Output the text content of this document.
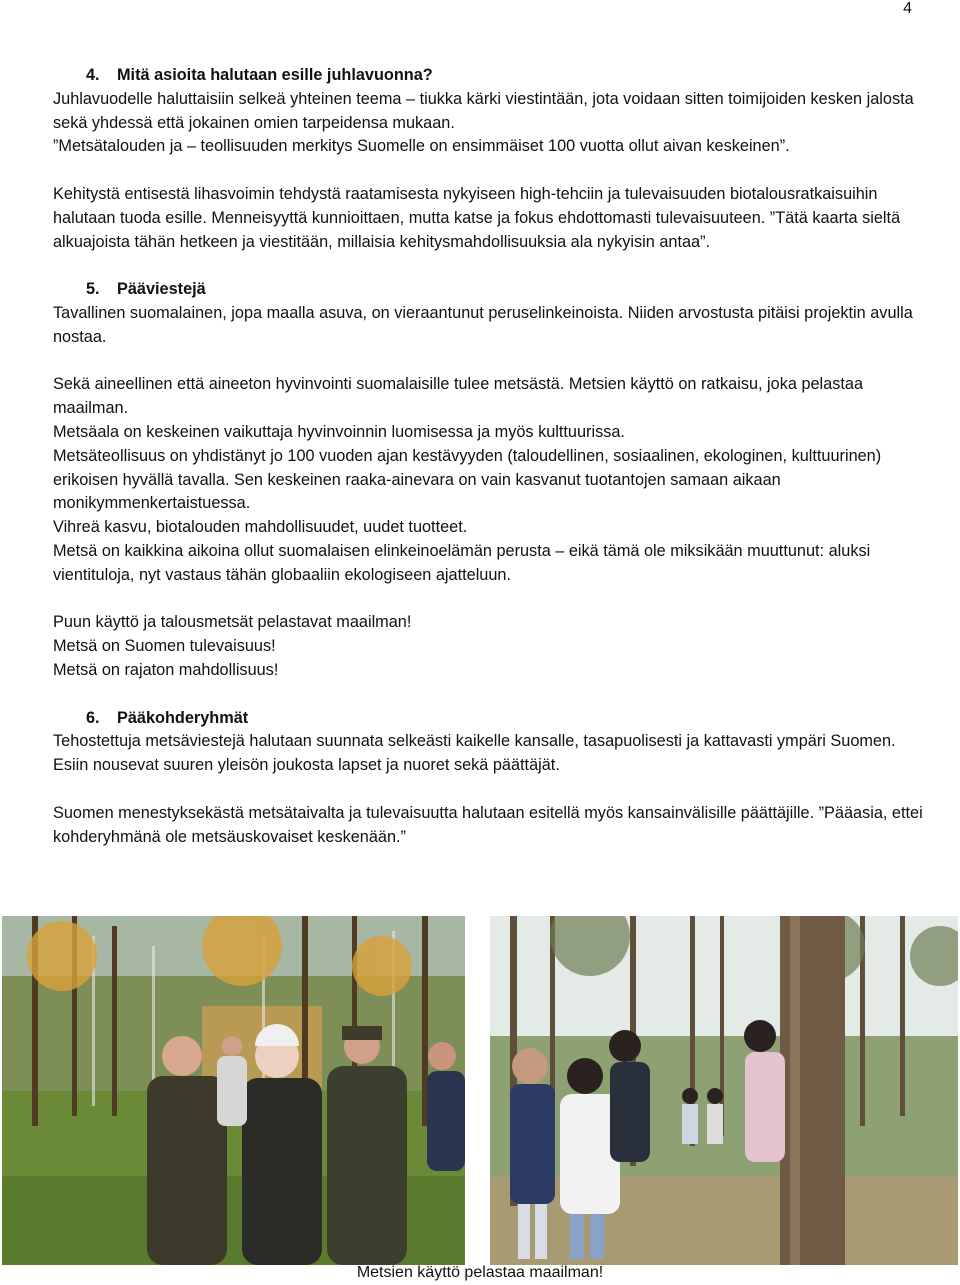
4

4. Mitä asioita halutaan esille juhlavuonna?

Juhlavuodelle haluttaisiin selkeä yhteinen teema – tiukka kärki viestintään, jota voidaan sitten toimijoiden kesken jalosta sekä yhdessä että jokainen omien tarpeidensa mukaan.

”Metsätalouden ja – teollisuuden merkitys Suomelle on ensimmäiset 100 vuotta ollut aivan keskeinen”.

Kehitystä entisestä lihasvoimin tehdystä raatamisesta nykyiseen high-tehciin ja tulevaisuuden biotalousratkaisuihin halutaan tuoda esille. Menneisyyttä kunnioittaen, mutta katse ja fokus ehdottomasti tulevaisuuteen. ”Tätä kaarta sieltä alkuajoista tähän hetkeen ja viestitään, millaisia kehitysmahdollisuuksia ala nykyisin antaa”.

5. Pääviestejä

Tavallinen suomalainen, jopa maalla asuva, on vieraantunut peruselinkeinoista. Niiden arvostusta pitäisi projektin avulla nostaa.

Sekä aineellinen että aineeton hyvinvointi suomalaisille tulee metsästä. Metsien käyttö on ratkaisu, joka pelastaa maailman.

Metsäala on keskeinen vaikuttaja hyvinvoinnin luomisessa ja myös kulttuurissa.

Metsäteollisuus on yhdistänyt jo 100 vuoden ajan kestävyyden (taloudellinen, sosiaalinen, ekologinen, kulttuurinen) erikoisen hyvällä tavalla. Sen keskeinen raaka-ainevara on vain kasvanut tuotantojen samaan aikaan monikymmenkertaistuessa.

Vihreä kasvu, biotalouden mahdollisuudet, uudet tuotteet.

Metsä on kaikkina aikoina ollut suomalaisen elinkeinoelämän perusta – eikä tämä ole miksikään muuttunut: aluksi vientituloja, nyt vastaus tähän globaaliin ekologiseen ajatteluun.

Puun käyttö ja talousmetsät pelastavat maailman!

Metsä on Suomen tulevaisuus!

Metsä on rajaton mahdollisuus!

6. Pääkohderyhmät

Tehostettuja metsäviestejä halutaan suunnata selkeästi kaikelle kansalle, tasapuolisesti ja kattavasti ympäri Suomen. Esiin nousevat suuren yleisön joukosta lapset ja nuoret sekä päättäjät.

Suomen menestyksekästä metsätaivalta ja tulevaisuutta halutaan esitellä myös kansainvälisille päättäjille. ”Pääasia, ettei kohderyhmänä ole metsäuskovaiset keskenään.”

Metsien käyttö pelastaa maailman!
